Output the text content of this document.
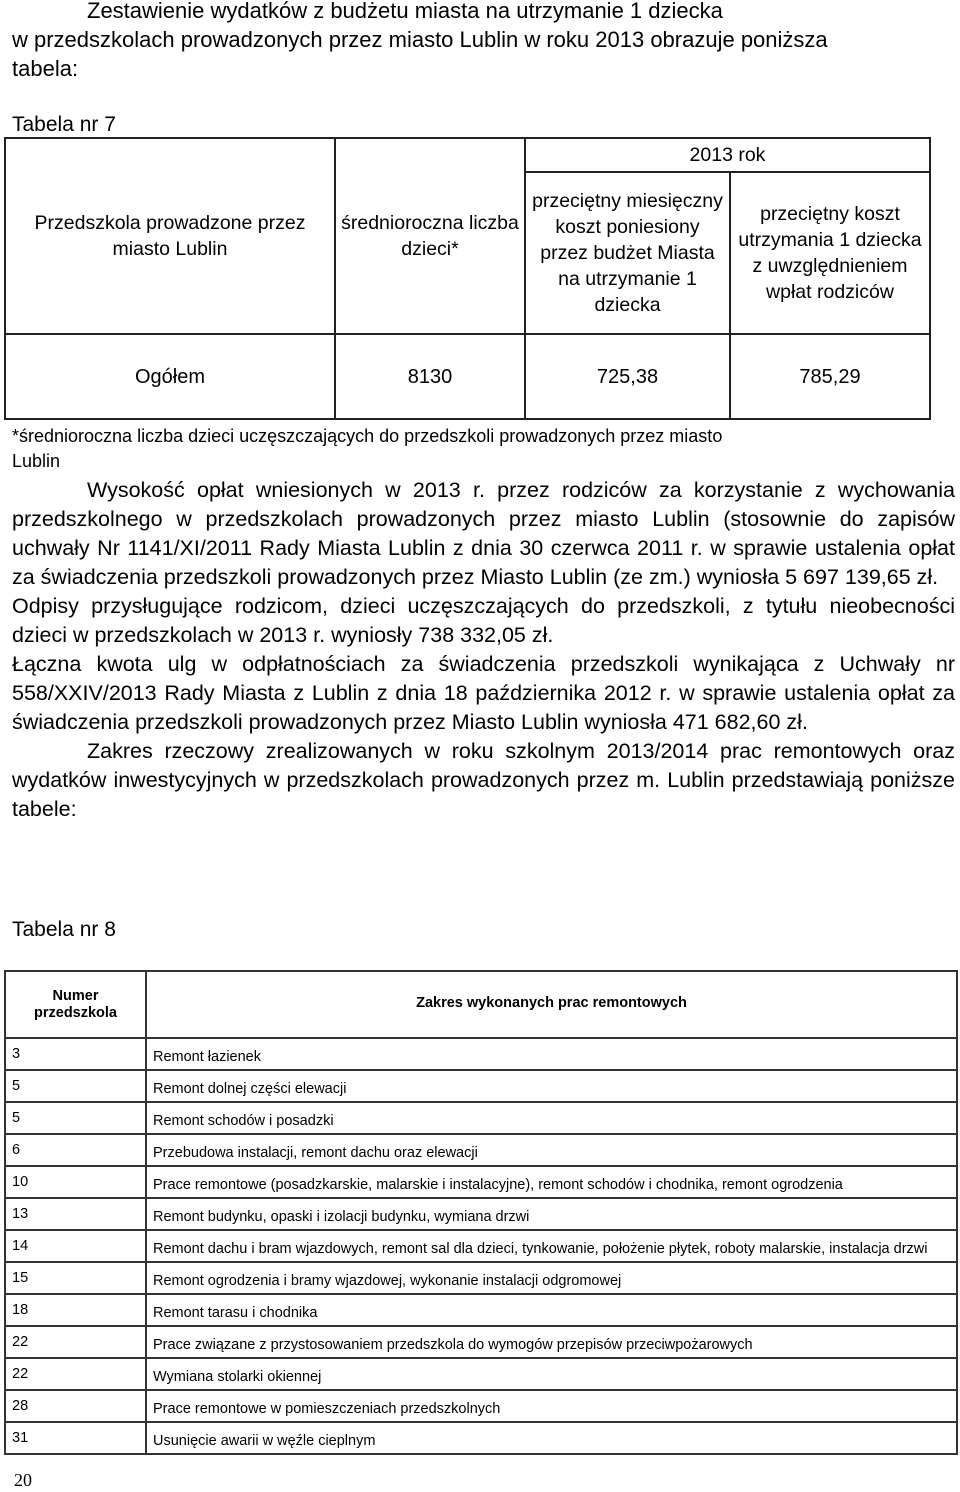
Zestawienie wydatków z budżetu miasta na utrzymanie 1 dziecka
w przedszkolach prowadzonych przez miasto Lublin w roku 2013 obrazuje poniższa
tabela:
Tabela nr 7
Przedszkola prowadzone przez miasto Lublin	średnioroczna liczba dzieci*	2013 rok	
		przeciętny miesięczny koszt poniesiony przez budżet Miasta na utrzymanie 1 dziecka	przeciętny koszt utrzymania 1 dziecka z uwzględnieniem wpłat rodziców
Ogółem	8130	725,38	785,29
*średnioroczna liczba dzieci uczęszczających do przedszkoli prowadzonych przez miasto
Lublin

Wysokość opłat wniesionych w 2013 r. przez rodziców za korzystanie z wychowania przedszkolnego w przedszkolach prowadzonych przez miasto Lublin (stosownie do zapisów uchwały Nr 1141/XI/2011 Rady Miasta Lublin z dnia 30 czerwca 2011 r. w sprawie ustalenia opłat za świadczenia przedszkoli prowadzonych przez Miasto Lublin (ze zm.) wyniosła 5 697 139,65 zł.

Odpisy przysługujące rodzicom, dzieci uczęszczających do przedszkoli, z tytułu nieobecności dzieci w przedszkolach w 2013 r. wyniosły 738 332,05 zł.

Łączna kwota ulg w odpłatnościach za świadczenia przedszkoli wynikająca z Uchwały nr 558/XXIV/2013 Rady Miasta z Lublin z dnia 18 października 2012 r. w sprawie ustalenia opłat za świadczenia przedszkoli prowadzonych przez Miasto Lublin wyniosła 471 682,60 zł.

Zakres rzeczowy zrealizowanych w roku szkolnym 2013/2014 prac remontowych oraz wydatków inwestycyjnych w przedszkolach prowadzonych przez m. Lublin przedstawiają poniższe tabele:

Tabela nr 8
Numer przedszkola	Zakres wykonanych prac remontowych
3	Remont łazienek
5	Remont dolnej części elewacji
5	Remont schodów i posadzki
6	Przebudowa instalacji, remont dachu oraz elewacji
10	Prace remontowe (posadzkarskie, malarskie i instalacyjne), remont schodów i chodnika, remont ogrodzenia
13	Remont budynku, opaski i izolacji budynku, wymiana drzwi
14	Remont dachu i bram wjazdowych, remont sal dla dzieci, tynkowanie, położenie płytek, roboty malarskie, instalacja drzwi
15	Remont ogrodzenia i bramy wjazdowej, wykonanie instalacji odgromowej
18	Remont tarasu i chodnika
22	Prace związane z przystosowaniem przedszkola do wymogów przepisów przeciwpożarowych
22	Wymiana stolarki okiennej
28	Prace remontowe w pomieszczeniach przedszkolnych
31	Usunięcie awarii w węźle cieplnym
20
